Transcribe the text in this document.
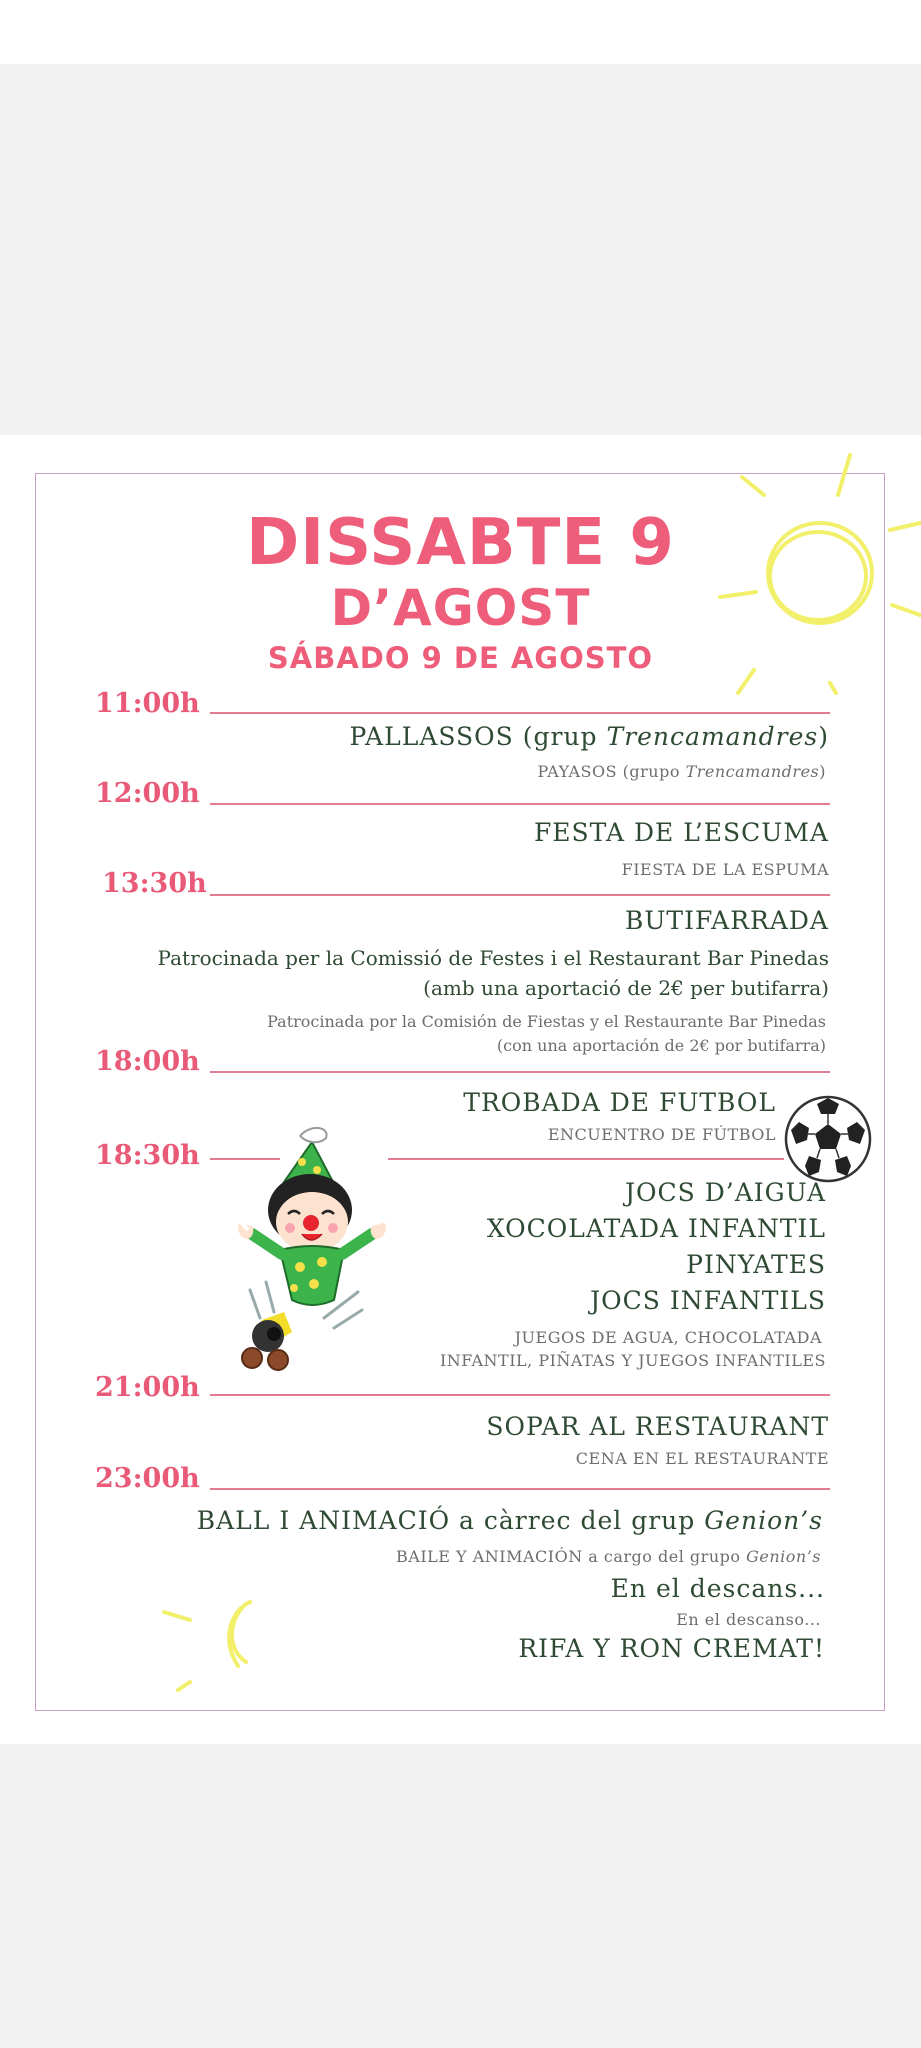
DISSABTE 9
D’AGOST
SÁBADO 9 DE AGOSTO
11:00h
PALLASSOS (grup Trencamandres)
PAYASOS (grupo Trencamandres)
12:00h
FESTA DE L’ESCUMA
FIESTA DE LA ESPUMA
13:30h
BUTIFARRADA
Patrocinada per la Comissió de Festes i el Restaurant Bar Pinedas
(amb una aportació de 2€ per butifarra)
Patrocinada por la Comisión de Fiestas y el Restaurante Bar Pinedas
(con una aportación de 2€ por butifarra)
18:00h
TROBADA DE FUTBOL
ENCUENTRO DE FÚTBOL
18:30h
JOCS D’AIGUA
XOCOLATADA INFANTIL
PINYATES
JOCS INFANTILS
JUEGOS DE AGUA, CHOCOLATADA
INFANTIL, PIÑATAS Y JUEGOS INFANTILES
21:00h
SOPAR AL RESTAURANT
CENA EN EL RESTAURANTE
23:00h
BALL I ANIMACIÓ a càrrec del grup Genion’s
BAILE Y ANIMACIÓN a cargo del grupo Genion’s
En el descans...
En el descanso...
RIFA Y RON CREMAT!
